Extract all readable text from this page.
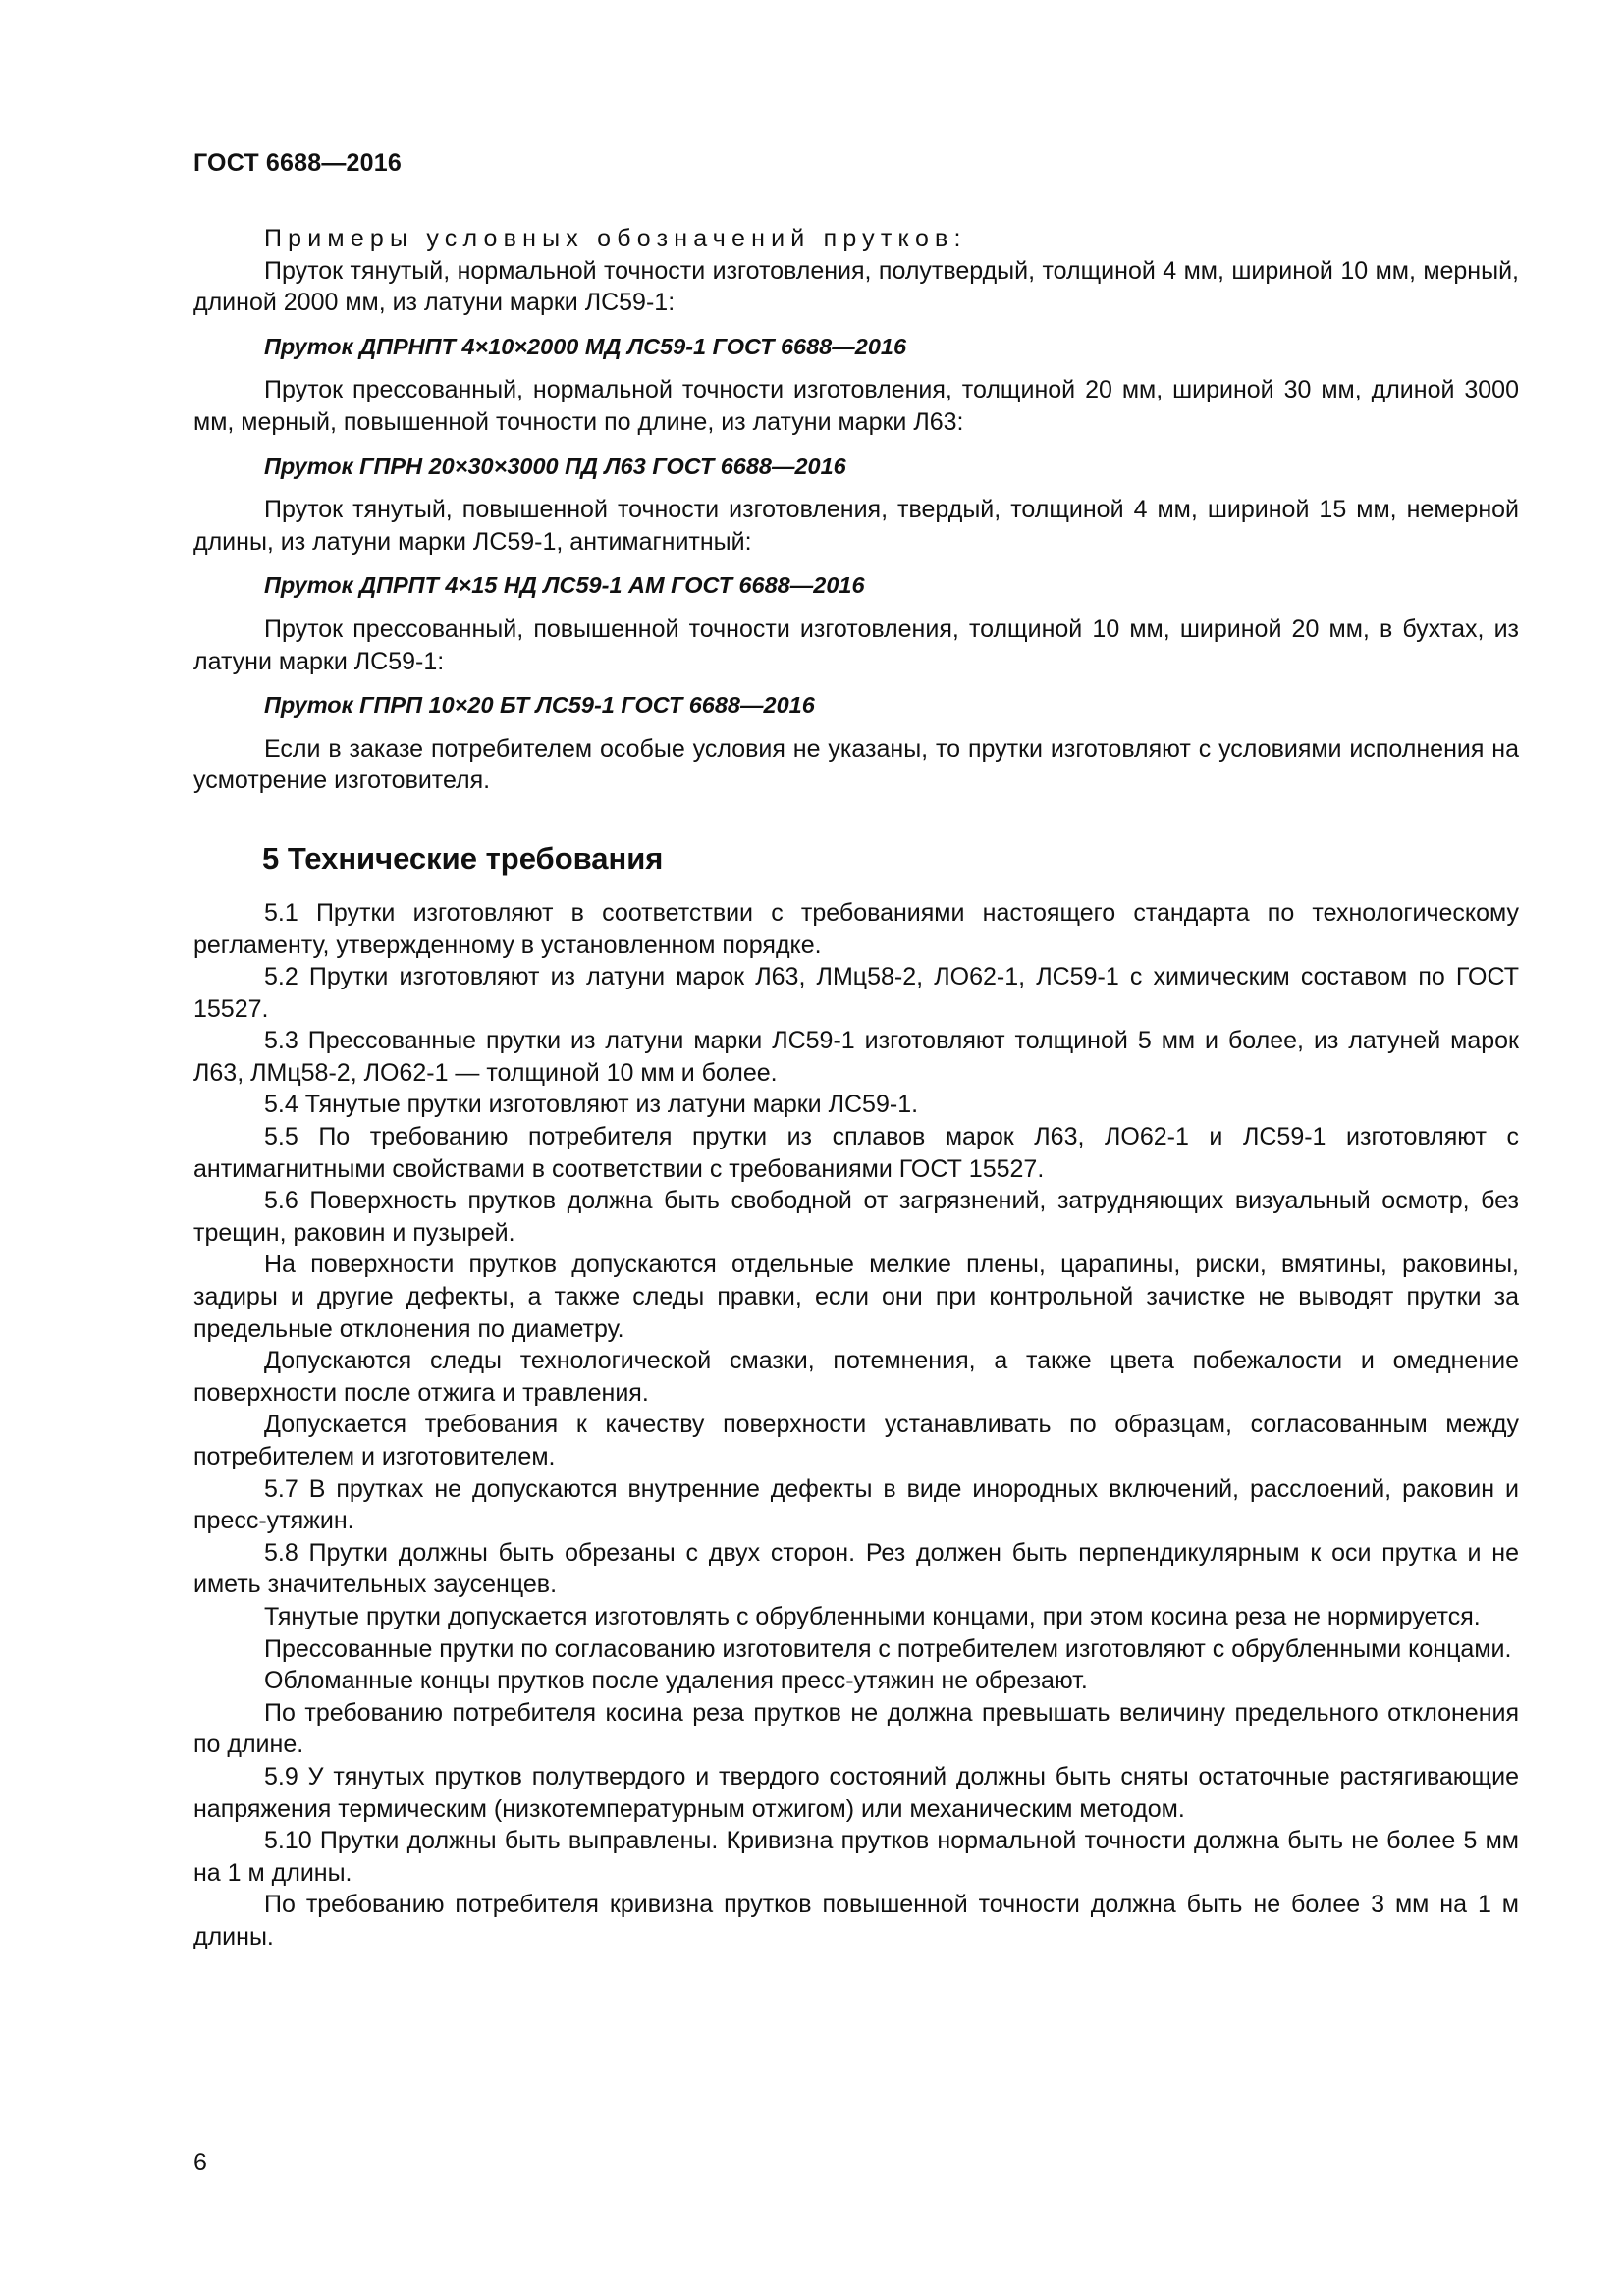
ГОСТ 6688—2016

Примеры условных обозначений прутков:

Пруток тянутый, нормальной точности изготовления, полутвердый, толщиной 4 мм, шириной 10 мм, мерный, длиной 2000 мм, из латуни марки ЛС59-1:

Пруток ДПРНПТ 4×10×2000 МД ЛС59-1 ГОСТ 6688—2016

Пруток прессованный, нормальной точности изготовления, толщиной 20 мм, шириной 30 мм, длиной 3000 мм, мерный, повышенной точности по длине, из латуни марки Л63:

Пруток ГПРН 20×30×3000 ПД Л63 ГОСТ 6688—2016

Пруток тянутый, повышенной точности изготовления, твердый, толщиной 4 мм, шириной 15 мм, немерной длины, из латуни марки ЛС59-1, антимагнитный:

Пруток ДПРПТ 4×15 НД ЛС59-1 АМ ГОСТ 6688—2016

Пруток прессованный, повышенной точности изготовления, толщиной 10 мм, шириной 20 мм, в бухтах, из латуни марки ЛС59-1:

Пруток ГПРП 10×20 БТ ЛС59-1 ГОСТ 6688—2016

Если в заказе потребителем особые условия не указаны, то прутки изготовляют с условиями исполнения на усмотрение изготовителя.

5 Технические требования

5.1 Прутки изготовляют в соответствии с требованиями настоящего стандарта по технологическому регламенту, утвержденному в установленном порядке.

5.2 Прутки изготовляют из латуни марок Л63, ЛМц58-2, ЛО62-1, ЛС59-1 с химическим составом по ГОСТ 15527.

5.3 Прессованные прутки из латуни марки ЛС59-1 изготовляют толщиной 5 мм и более, из латуней марок Л63, ЛМц58-2, ЛО62-1 — толщиной 10 мм и более.

5.4 Тянутые прутки изготовляют из латуни марки ЛС59-1.

5.5 По требованию потребителя прутки из сплавов марок Л63, ЛО62-1 и ЛС59-1 изготовляют с антимагнитными свойствами в соответствии с требованиями ГОСТ 15527.

5.6 Поверхность прутков должна быть свободной от загрязнений, затрудняющих визуальный осмотр, без трещин, раковин и пузырей.

На поверхности прутков допускаются отдельные мелкие плены, царапины, риски, вмятины, раковины, задиры и другие дефекты, а также следы правки, если они при контрольной зачистке не выводят прутки за предельные отклонения по диаметру.

Допускаются следы технологической смазки, потемнения, а также цвета побежалости и омеднение поверхности после отжига и травления.

Допускается требования к качеству поверхности устанавливать по образцам, согласованным между потребителем и изготовителем.

5.7 В прутках не допускаются внутренние дефекты в виде инородных включений, расслоений, раковин и пресс-утяжин.

5.8 Прутки должны быть обрезаны с двух сторон. Рез должен быть перпендикулярным к оси прутка и не иметь значительных заусенцев.

Тянутые прутки допускается изготовлять с обрубленными концами, при этом косина реза не нормируется.

Прессованные прутки по согласованию изготовителя с потребителем изготовляют с обрубленными концами.

Обломанные концы прутков после удаления пресс-утяжин не обрезают.

По требованию потребителя косина реза прутков не должна превышать величину предельного отклонения по длине.

5.9 У тянутых прутков полутвердого и твердого состояний должны быть сняты остаточные растягивающие напряжения термическим (низкотемпературным отжигом) или механическим методом.

5.10 Прутки должны быть выправлены. Кривизна прутков нормальной точности должна быть не более 5 мм на 1 м длины.

По требованию потребителя кривизна прутков повышенной точности должна быть не более 3 мм на 1 м длины.

6
